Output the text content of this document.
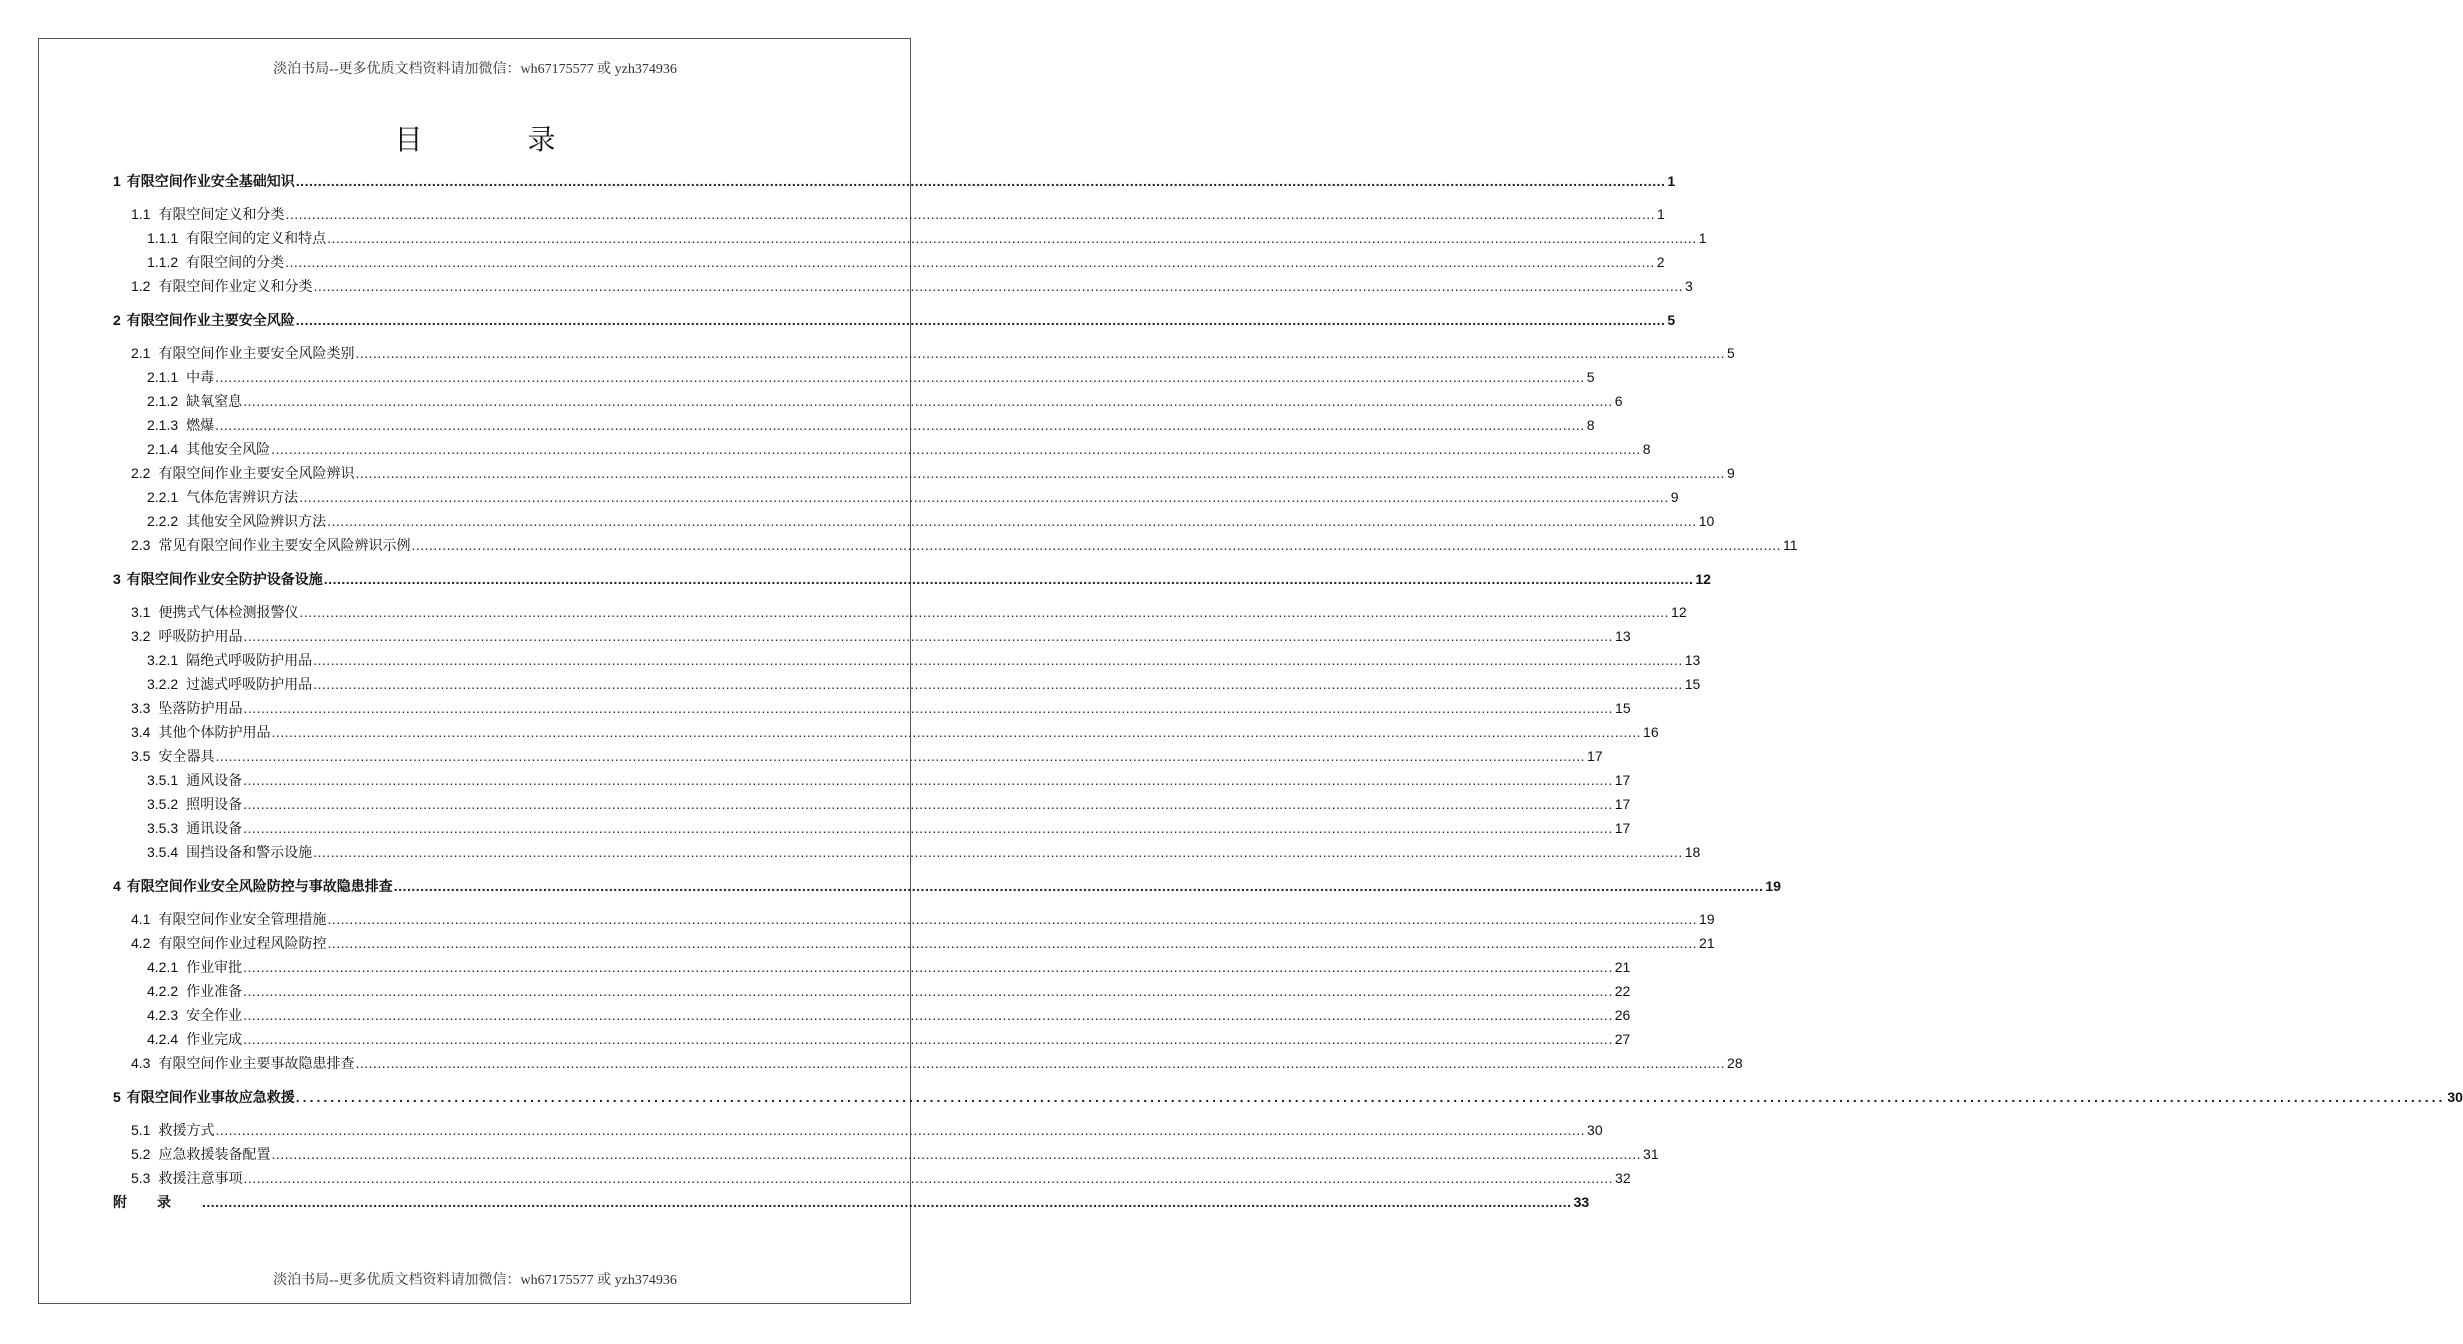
淡泊书局--更多优质文档资料请加微信：wh67175577 或 yzh374936
目 录
1 有限空间作业安全基础知识 .....	1
1.1 有限空间定义和分类 .....	1
1.1.1 有限空间的定义和特点 .....	1
1.1.2 有限空间的分类 .....	2
1.2 有限空间作业定义和分类 .....	3
2 有限空间作业主要安全风险 .....	5
2.1 有限空间作业主要安全风险类别 .....	5
2.1.1 中毒 .....	5
2.1.2 缺氧窒息 .....	6
2.1.3 燃爆 .....	8
2.1.4 其他安全风险 .....	8
2.2 有限空间作业主要安全风险辨识 .....	9
2.2.1 气体危害辨识方法 .....	9
2.2.2 其他安全风险辨识方法 .....	10
2.3 常见有限空间作业主要安全风险辨识示例 .....	11
3 有限空间作业安全防护设备设施 .....	12
3.1 便携式气体检测报警仪 .....	12
3.2 呼吸防护用品 .....	13
3.2.1 隔绝式呼吸防护用品 .....	13
3.2.2 过滤式呼吸防护用品 .....	15
3.3 坠落防护用品 .....	15
3.4 其他个体防护用品 .....	16
3.5 安全器具 .....	17
3.5.1 通风设备 .....	17
3.5.2 照明设备 .....	17
3.5.3 通讯设备 .....	17
3.5.4 围挡设备和警示设施 .....	18
4 有限空间作业安全风险防控与事故隐患排查 .....	19
4.1 有限空间作业安全管理措施 .....	19
4.2 有限空间作业过程风险防控 .....	21
4.2.1 作业审批 .....	21
4.2.2 作业准备 .....	22
4.2.3 安全作业 .....	26
4.2.4 作业完成 .....	27
4.3 有限空间作业主要事故隐患排查 .....	28
5 有限空间作业事故应急救援 .....	30
5.1 救援方式 .....	30
5.2 应急救援装备配置 .....	31
5.3 救援注意事项 .....	32
附录 .....	33
淡泊书局--更多优质文档资料请加微信：wh67175577 或 yzh374936
